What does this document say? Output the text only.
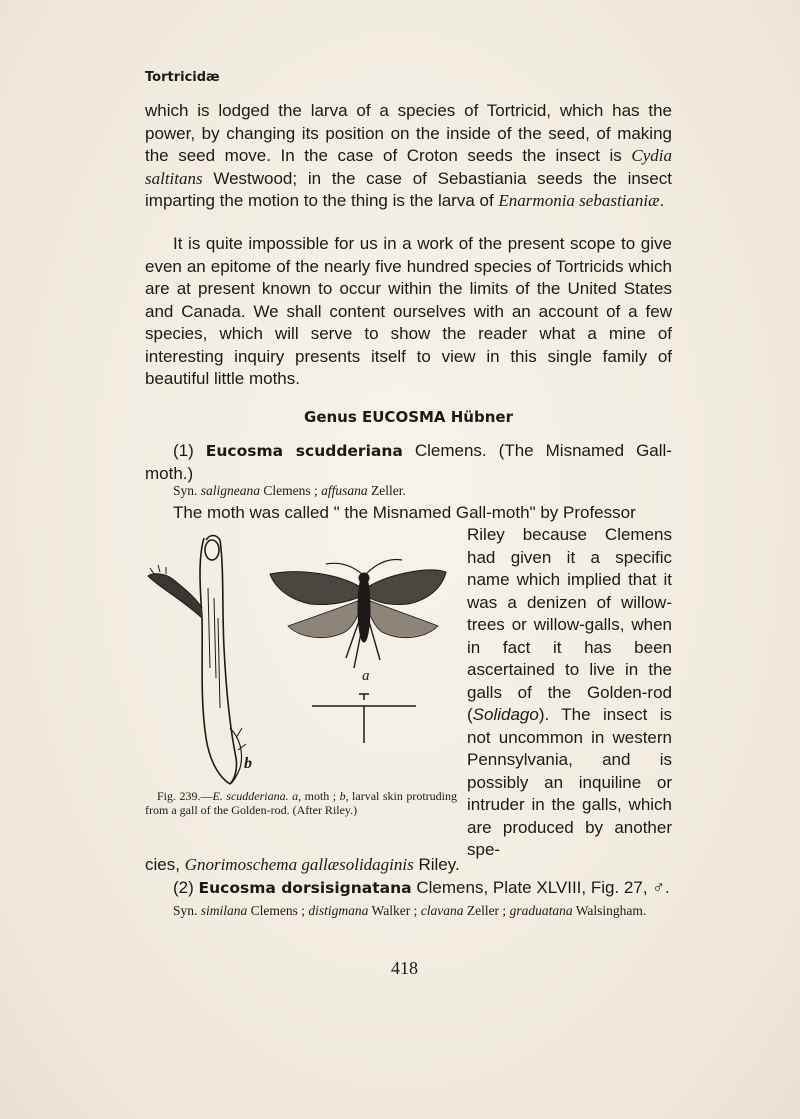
Tortricidæ

which is lodged the larva of a species of Tortricid, which has the power, by changing its position on the inside of the seed, of making the seed move. In the case of Croton seeds the insect is Cydia saltitans Westwood; in the case of Sebastiania seeds the insect imparting the motion to the thing is the larva of Enarmonia sebastianiæ.

It is quite impossible for us in a work of the present scope to give even an epitome of the nearly five hundred species of Tortricids which are at present known to occur within the limits of the United States and Canada. We shall content ourselves with an account of a few species, which will serve to show the reader what a mine of interesting inquiry presents itself to view in this single family of beautiful little moths.

Genus EUCOSMA Hübner

(1) Eucosma scudderiana Clemens. (The Misnamed Gall-moth.)

Syn. saligneana Clemens ; affusana Zeller.

The moth was called " the Misnamed Gall-moth" by Professor

b
a

Fig. 239.—E. scudderiana. a, moth ; b, larval skin protruding from a gall of the Golden-rod. (After Riley.)

Riley because Clemens had given it a specific name which implied that it was a denizen of willow-trees or willow-galls, when in fact it has been ascertained to live in the galls of the Golden-rod (Solidago). The insect is not uncommon in western Pennsylvania, and is possibly an inquiline or intruder in the galls, which are produced by another spe-

cies, Gnorimoschema gallæsolidaginis Riley.

(2) Eucosma dorsisignatana Clemens, Plate XLVIII, Fig. 27, ♂.

Syn. similana Clemens ; distigmana Walker ; clavana Zeller ; graduatana Walsingham.

418
